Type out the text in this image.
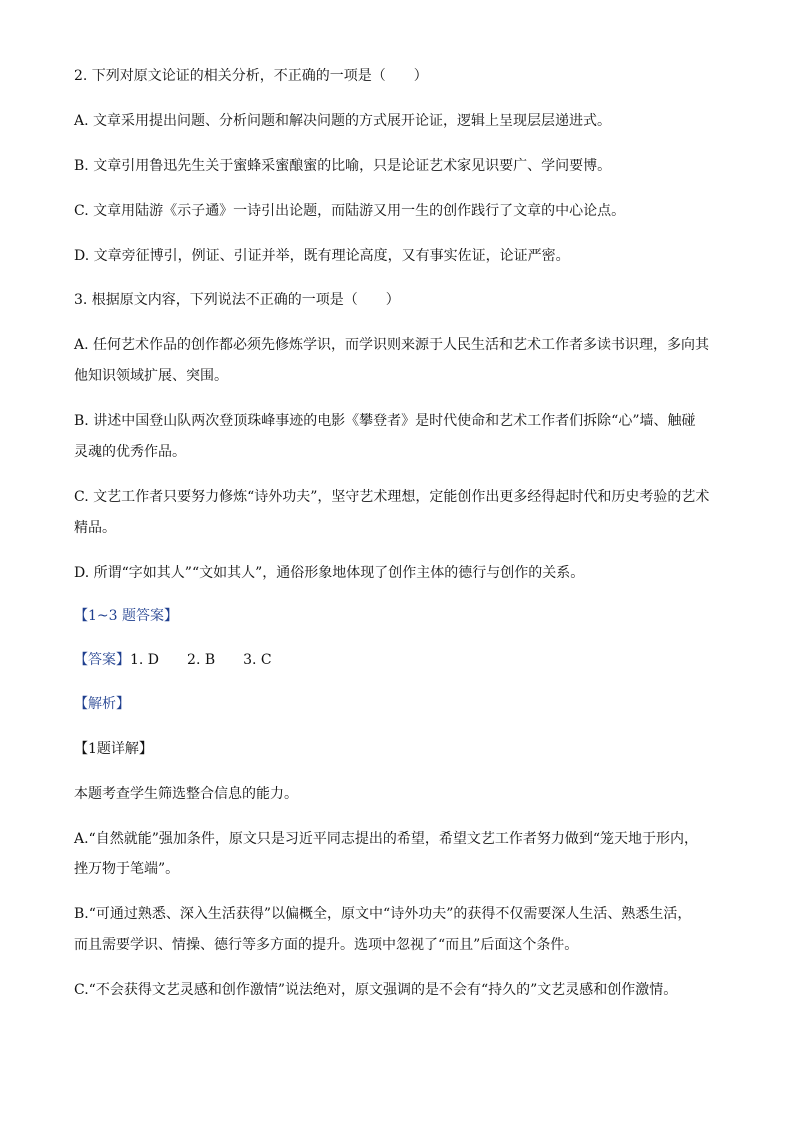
2. 下列对原文论证的相关分析，不正确的一项是（　　）
A. 文章采用提出问题、分析问题和解决问题的方式展开论证，逻辑上呈现层层递进式。
B. 文章引用鲁迅先生关于蜜蜂采蜜酿蜜的比喻，只是论证艺术家见识要广、学问要博。
C. 文章用陆游《示子遹》一诗引出论题，而陆游又用一生的创作践行了文章的中心论点。
D. 文章旁征博引，例证、引证并举，既有理论高度，又有事实佐证，论证严密。
3. 根据原文内容，下列说法不正确的一项是（　　）
A. 任何艺术作品的创作都必须先修炼学识，而学识则来源于人民生活和艺术工作者多读书识理，多向其
他知识领域扩展、突围。
B. 讲述中国登山队两次登顶珠峰事迹的电影《攀登者》是时代使命和艺术工作者们拆除“心”墙、触碰
灵魂的优秀作品。
C. 文艺工作者只要努力修炼“诗外功夫”，坚守艺术理想，定能创作出更多经得起时代和历史考验的艺术
精品。
D. 所谓“字如其人”“文如其人”，通俗形象地体现了创作主体的德行与创作的关系。
【1~3 题答案】
【答案】1. D　　2. B　　3. C
【解析】
【1题详解】
本题考查学生筛选整合信息的能力。
A.“自然就能”强加条件，原文只是习近平同志提出的希望，希望文艺工作者努力做到“笼天地于形内，
挫万物于笔端”。
B.“可通过熟悉、深入生活获得”以偏概全，原文中“诗外功夫”的获得不仅需要深人生活、熟悉生活，
而且需要学识、情操、德行等多方面的提升。选项中忽视了“而且”后面这个条件。
C.“不会获得文艺灵感和创作激情”说法绝对，原文强调的是不会有“持久的”文艺灵感和创作激情。
